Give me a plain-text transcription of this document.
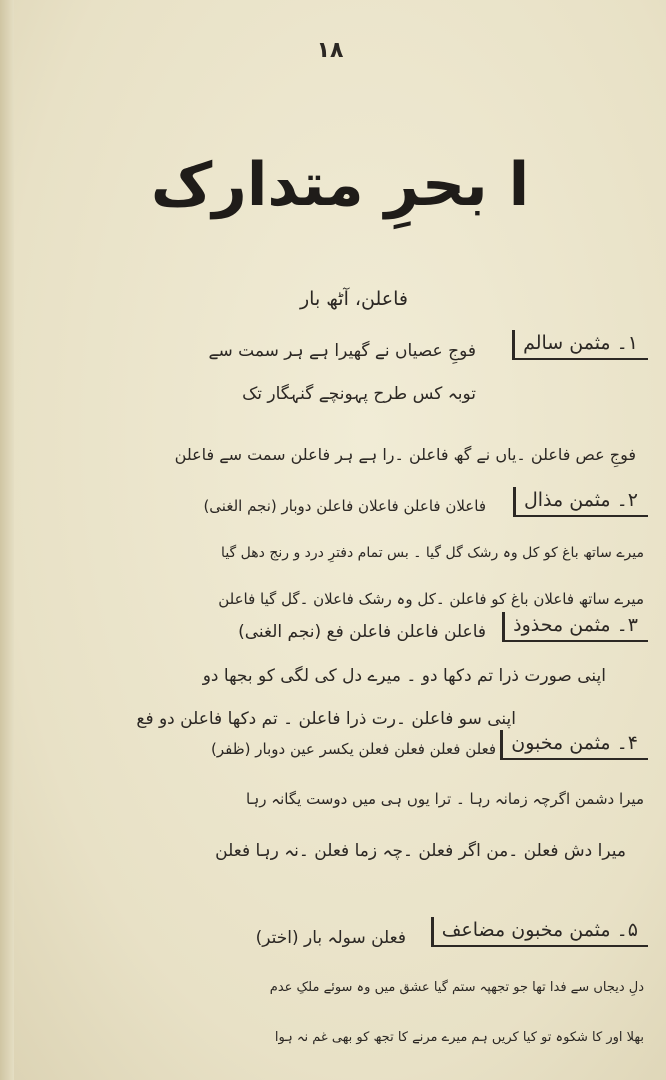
١٨
ا بحرِ متدارک
فاعلن، آٹھ بار
۱۔ مثمن سالم
فوجِ عصیاں نے گھیرا ہے ہر سمت سے
توبہ کس طرح پہونچے گنہگار تک
فوجِ عص فاعلن ۔یاں نے گھ فاعلن ۔را ہے ہر فاعلن سمت سے فاعلن
۲۔ مثمن مذال
فاعلان فاعلن فاعلان فاعلن دوبار (نجم الغنی)
میرے ساتھ باغ کو کل وہ رشک گل گیا ۔ بس تمام دفترِ درد و رنج دھل گیا
میرے ساتھ فاعلان باغ کو فاعلن ۔کل وہ رشک فاعلان ۔گل گیا فاعلن
۳۔ مثمن محذوذ
فاعلن فاعلن فاعلن فع (نجم الغنی)
اپنی صورت ذرا تم دکھا دو ۔ میرے دل کی لگی کو بجھا دو
اپنی سو فاعلن ۔رت ذرا فاعلن ۔ تم دکھا فاعلن دو فع
۴۔ مثمن مخبون
فعلن فعلن فعلن فعلن یکسر عین دوبار (ظفر)
میرا دشمن اگرچہ زمانہ رہا ۔ ترا یوں ہی میں دوست یگانہ رہا
میرا دش فعلن ۔من اگر فعلن ۔چہ زما فعلن ۔نہ رہا فعلن
۵۔ مثمن مخبون مضاعف
فعلن سولہ بار (اختر)
دلِ دیجاں سے فدا تھا جو تجھپہ ستم گیا عشق میں وہ سوئے ملکِ عدم
بھلا اور کا شکوہ تو کیا کریں ہم میرے مرنے کا تجھ کو بھی غم نہ ہوا
